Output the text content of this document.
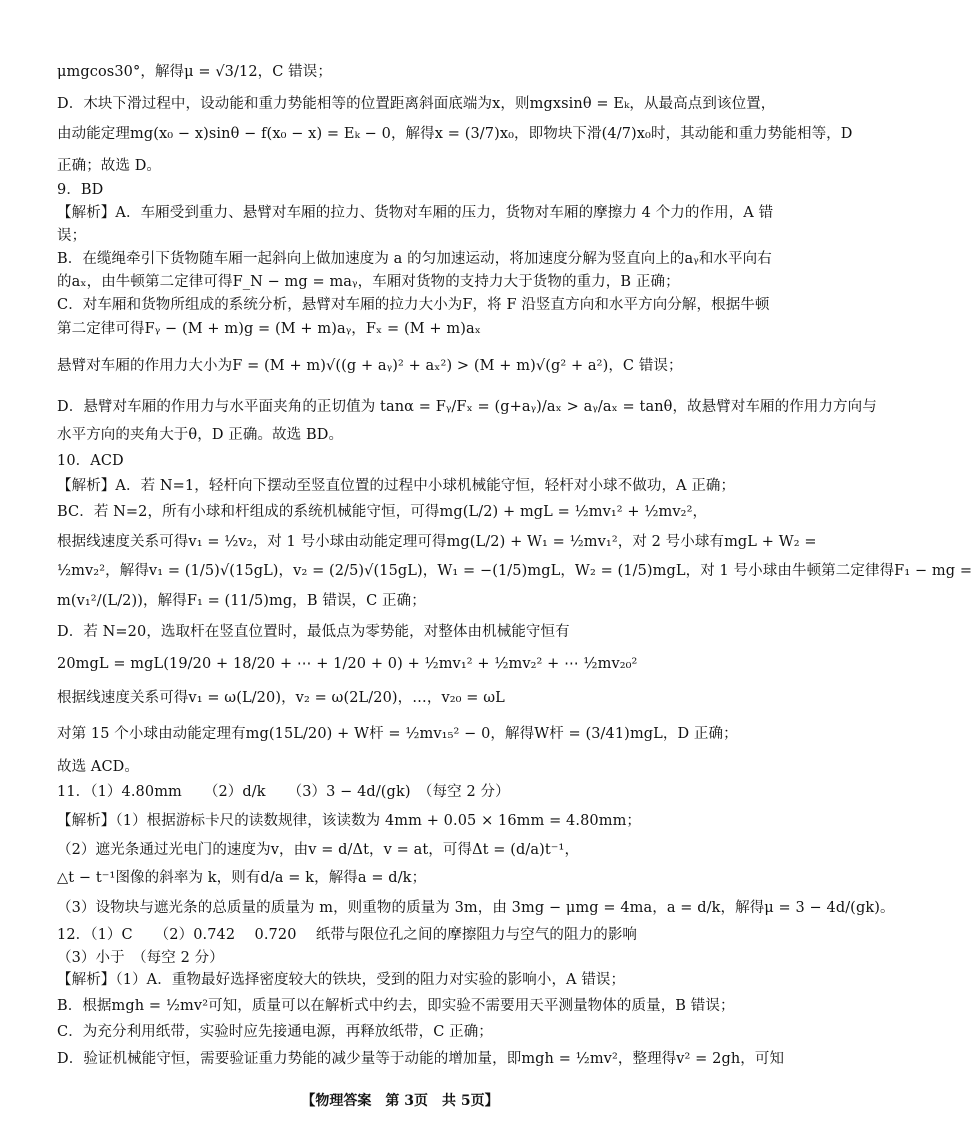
μmgcos30°，解得μ = √3/12，C 错误；
D．木块下滑过程中，设动能和重力势能相等的位置距离斜面底端为x，则mgxsinθ = Eₖ，从最高点到该位置，
由动能定理mg(x₀ − x)sinθ − f(x₀ − x) = Eₖ − 0，解得x = (3/7)x₀，即物块下滑(4/7)x₀时，其动能和重力势能相等，D
正确；故选 D。
9．BD
【解析】A．车厢受到重力、悬臂对车厢的拉力、货物对车厢的压力，货物对车厢的摩擦力 4 个力的作用，A 错
误；
B．在缆绳牵引下货物随车厢一起斜向上做加速度为 a 的匀加速运动，将加速度分解为竖直向上的aᵧ和水平向右
的aₓ，由牛顿第二定律可得F_N − mg = maᵧ，车厢对货物的支持力大于货物的重力，B 正确；
C．对车厢和货物所组成的系统分析，悬臂对车厢的拉力大小为F，将 F 沿竖直方向和水平方向分解，根据牛顿
第二定律可得Fᵧ − (M + m)g = (M + m)aᵧ，Fₓ = (M + m)aₓ
悬臂对车厢的作用力大小为F = (M + m)√((g + aᵧ)² + aₓ²) > (M + m)√(g² + a²)，C 错误；
D．悬臂对车厢的作用力与水平面夹角的正切值为 tanα = Fᵧ/Fₓ = (g+aᵧ)/aₓ > aᵧ/aₓ = tanθ，故悬臂对车厢的作用力方向与
水平方向的夹角大于θ，D 正确。故选 BD。
10．ACD
【解析】A．若 N=1，轻杆向下摆动至竖直位置的过程中小球机械能守恒，轻杆对小球不做功，A 正确；
BC．若 N=2，所有小球和杆组成的系统机械能守恒，可得mg(L/2) + mgL = ½mv₁² + ½mv₂²，
根据线速度关系可得v₁ = ½v₂，对 1 号小球由动能定理可得mg(L/2) + W₁ = ½mv₁²，对 2 号小球有mgL + W₂ =
½mv₂²，解得v₁ = (1/5)√(15gL)，v₂ = (2/5)√(15gL)，W₁ = −(1/5)mgL，W₂ = (1/5)mgL，对 1 号小球由牛顿第二定律得F₁ − mg =
m(v₁²/(L/2))，解得F₁ = (11/5)mg，B 错误，C 正确；
D．若 N=20，选取杆在竖直位置时，最低点为零势能，对整体由机械能守恒有
20mgL = mgL(19/20 + 18/20 + ⋯ + 1/20 + 0) + ½mv₁² + ½mv₂² + ⋯ ½mv₂₀²
根据线速度关系可得v₁ = ω(L/20)，v₂ = ω(2L/20)，…，v₂₀ = ωL
对第 15 个小球由动能定理有mg(15L/20) + W杆 = ½mv₁₅² − 0，解得W杆 = (3/41)mgL，D 正确；
故选 ACD。
11．（1）4.80mm　　（2）d/k　　（3）3 − 4d/(gk)　（每空 2 分）
【解析】（1）根据游标卡尺的读数规律，该读数为 4mm + 0.05 × 16mm = 4.80mm；
（2）遮光条通过光电门的速度为v，由v = d/Δt，v = at，可得Δt = (d/a)t⁻¹，
△t − t⁻¹图像的斜率为 k，则有d/a = k，解得a = d/k；
（3）设物块与遮光条的总质量的质量为 m，则重物的质量为 3m，由 3mg − μmg = 4ma，a = d/k，解得μ = 3 − 4d/(gk)。
12．（1）C　　（2）0.742　 0.720　 纸带与限位孔之间的摩擦阻力与空气的阻力的影响
（3）小于　（每空 2 分）
【解析】（1）A．重物最好选择密度较大的铁块，受到的阻力对实验的影响小，A 错误；
B．根据mgh = ½mv²可知，质量可以在解析式中约去，即实验不需要用天平测量物体的质量，B 错误；
C．为充分利用纸带，实验时应先接通电源，再释放纸带，C 正确；
D．验证机械能守恒，需要验证重力势能的减少量等于动能的增加量，即mgh = ½mv²，整理得v² = 2gh，可知
【物理答案　第 3页　共 5页】
